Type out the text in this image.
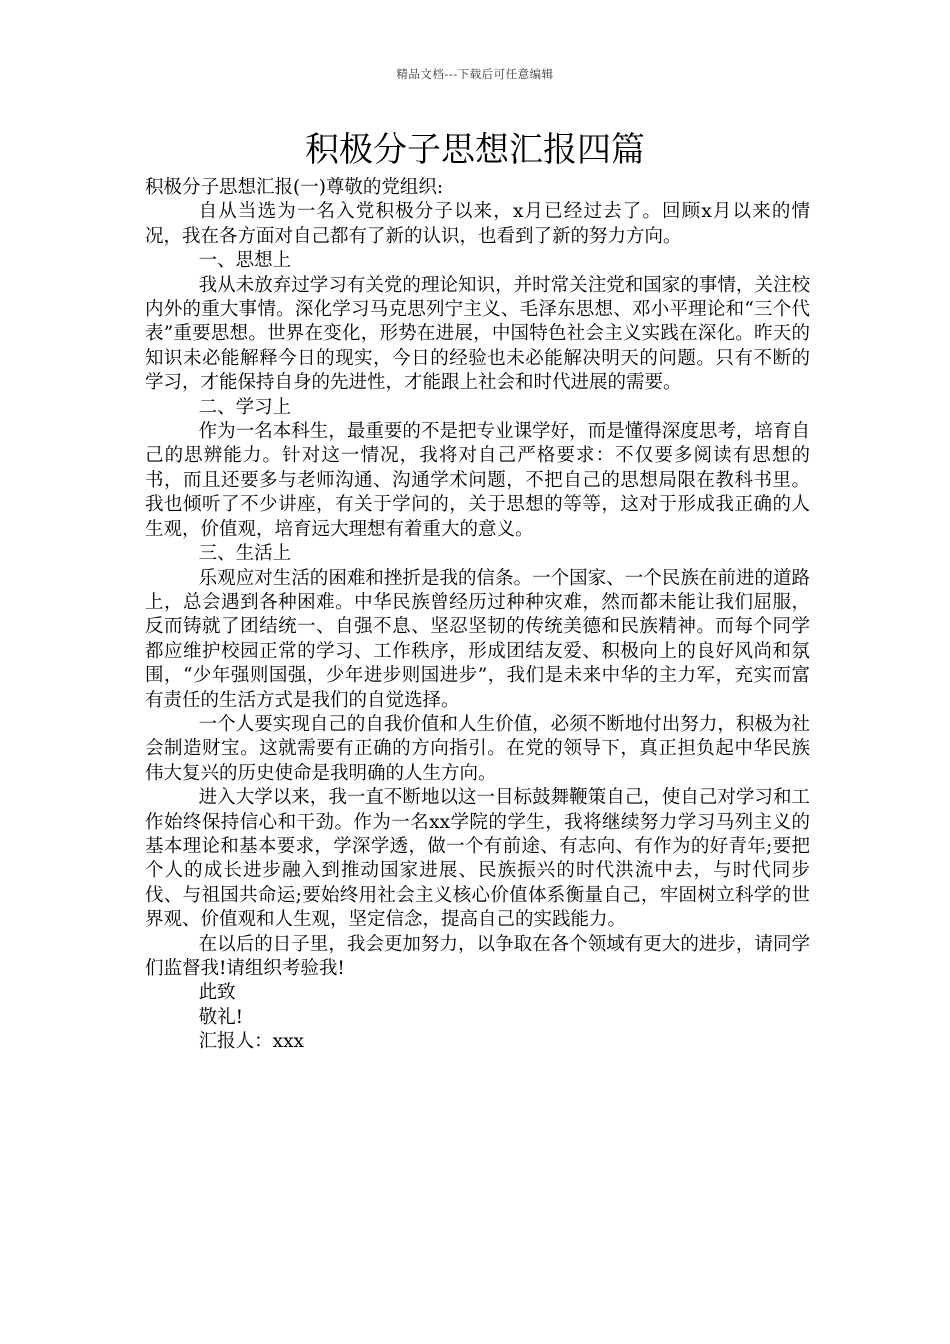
精品文档---下载后可任意编辑
积极分子思想汇报四篇

积极分子思想汇报(一)尊敬的党组织:

自从当选为一名入党积极分子以来，x月已经过去了。回顾x月以来的情况，我在各方面对自己都有了新的认识，也看到了新的努力方向。

一、思想上

我从未放弃过学习有关党的理论知识，并时常关注党和国家的事情，关注校内外的重大事情。深化学习马克思列宁主义、毛泽东思想、邓小平理论和“三个代表”重要思想。世界在变化，形势在进展，中国特色社会主义实践在深化。昨天的知识未必能解释今日的现实，今日的经验也未必能解决明天的问题。只有不断的学习，才能保持自身的先进性，才能跟上社会和时代进展的需要。

二、学习上

作为一名本科生，最重要的不是把专业课学好，而是懂得深度思考，培育自己的思辨能力。针对这一情况，我将对自己严格要求：不仅要多阅读有思想的书，而且还要多与老师沟通、沟通学术问题，不把自己的思想局限在教科书里。我也倾听了不少讲座，有关于学问的，关于思想的等等，这对于形成我正确的人生观，价值观，培育远大理想有着重大的意义。

三、生活上

乐观应对生活的困难和挫折是我的信条。一个国家、一个民族在前进的道路上，总会遇到各种困难。中华民族曾经历过种种灾难，然而都未能让我们屈服，反而铸就了团结统一、自强不息、坚忍坚韧的传统美德和民族精神。而每个同学都应维护校园正常的学习、工作秩序，形成团结友爱、积极向上的良好风尚和氛围，“少年强则国强，少年进步则国进步”，我们是未来中华的主力军，充实而富有责任的生活方式是我们的自觉选择。

一个人要实现自己的自我价值和人生价值，必须不断地付出努力，积极为社会制造财宝。这就需要有正确的方向指引。在党的领导下，真正担负起中华民族伟大复兴的历史使命是我明确的人生方向。

进入大学以来，我一直不断地以这一目标鼓舞鞭策自己，使自己对学习和工作始终保持信心和干劲。作为一名xx学院的学生，我将继续努力学习马列主义的基本理论和基本要求，学深学透，做一个有前途、有志向、有作为的好青年;要把个人的成长进步融入到推动国家进展、民族振兴的时代洪流中去，与时代同步伐、与祖国共命运;要始终用社会主义核心价值体系衡量自己，牢固树立科学的世界观、价值观和人生观，坚定信念，提高自己的实践能力。

在以后的日子里，我会更加努力，以争取在各个领域有更大的进步，请同学们监督我!请组织考验我!

此致

敬礼!

汇报人：xxx
